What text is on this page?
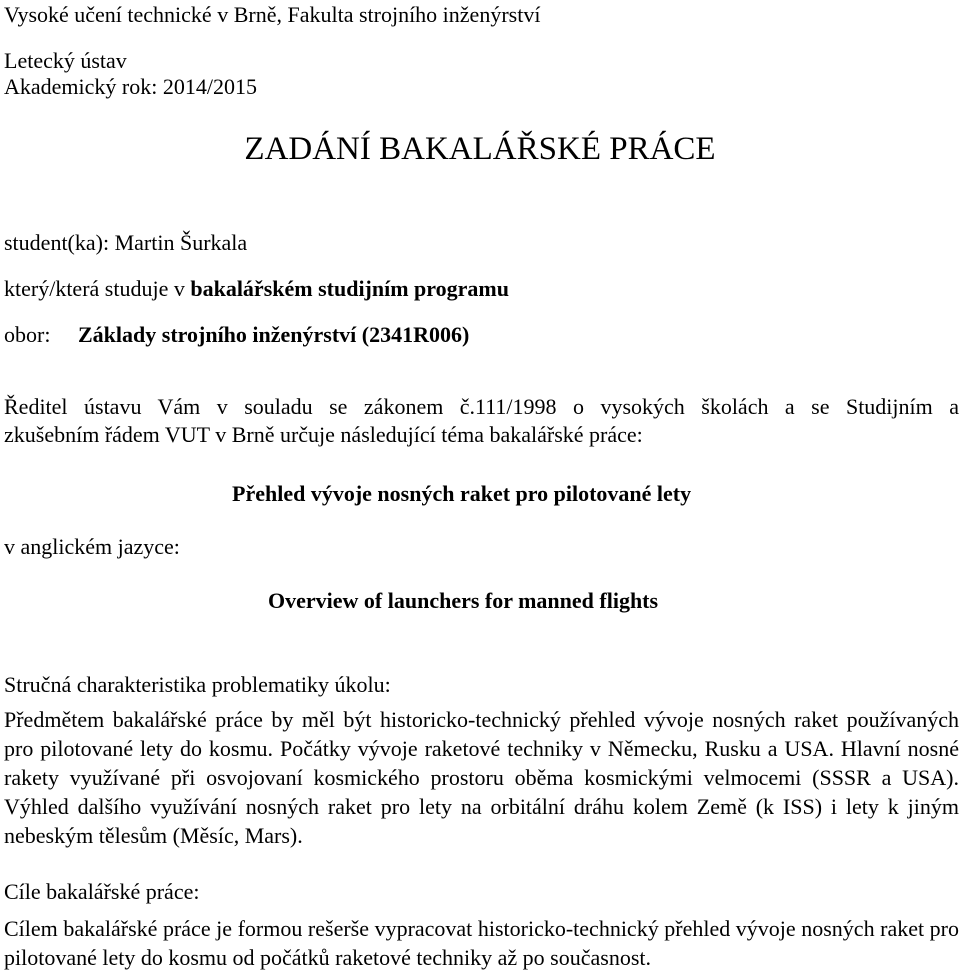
Vysoké učení technické v Brně, Fakulta strojního inženýrství

Letecký ústav

Akademický rok: 2014/2015

ZADÁNÍ BAKALÁŘSKÉ PRÁCE

student(ka): Martin Šurkala

který/která studuje v bakalářském studijním programu

obor: Základy strojního inženýrství (2341R006)

Ředitel ústavu Vám v souladu se zákonem č.111/1998 o vysokých školách a se Studijním a

zkušebním řádem VUT v Brně určuje následující téma bakalářské práce:

Přehled vývoje nosných raket pro pilotované lety

v anglickém jazyce:

Overview of launchers for manned flights

Stručná charakteristika problematiky úkolu:

Předmětem bakalářské práce by měl být historicko-technický přehled vývoje nosných raket používaných pro pilotované lety do kosmu. Počátky vývoje raketové techniky v Německu, Rusku a USA. Hlavní nosné rakety využívané při osvojovaní kosmického prostoru oběma kosmickými velmocemi (SSSR a USA). Výhled dalšího využívání nosných raket pro lety na orbitální dráhu kolem Země (k ISS) i lety k jiným nebeským tělesům (Měsíc, Mars).

Cíle bakalářské práce:

Cílem bakalářské práce je formou rešerše vypracovat historicko-technický přehled vývoje nosných raket pro pilotované lety do kosmu od počátků raketové techniky až po současnost.
